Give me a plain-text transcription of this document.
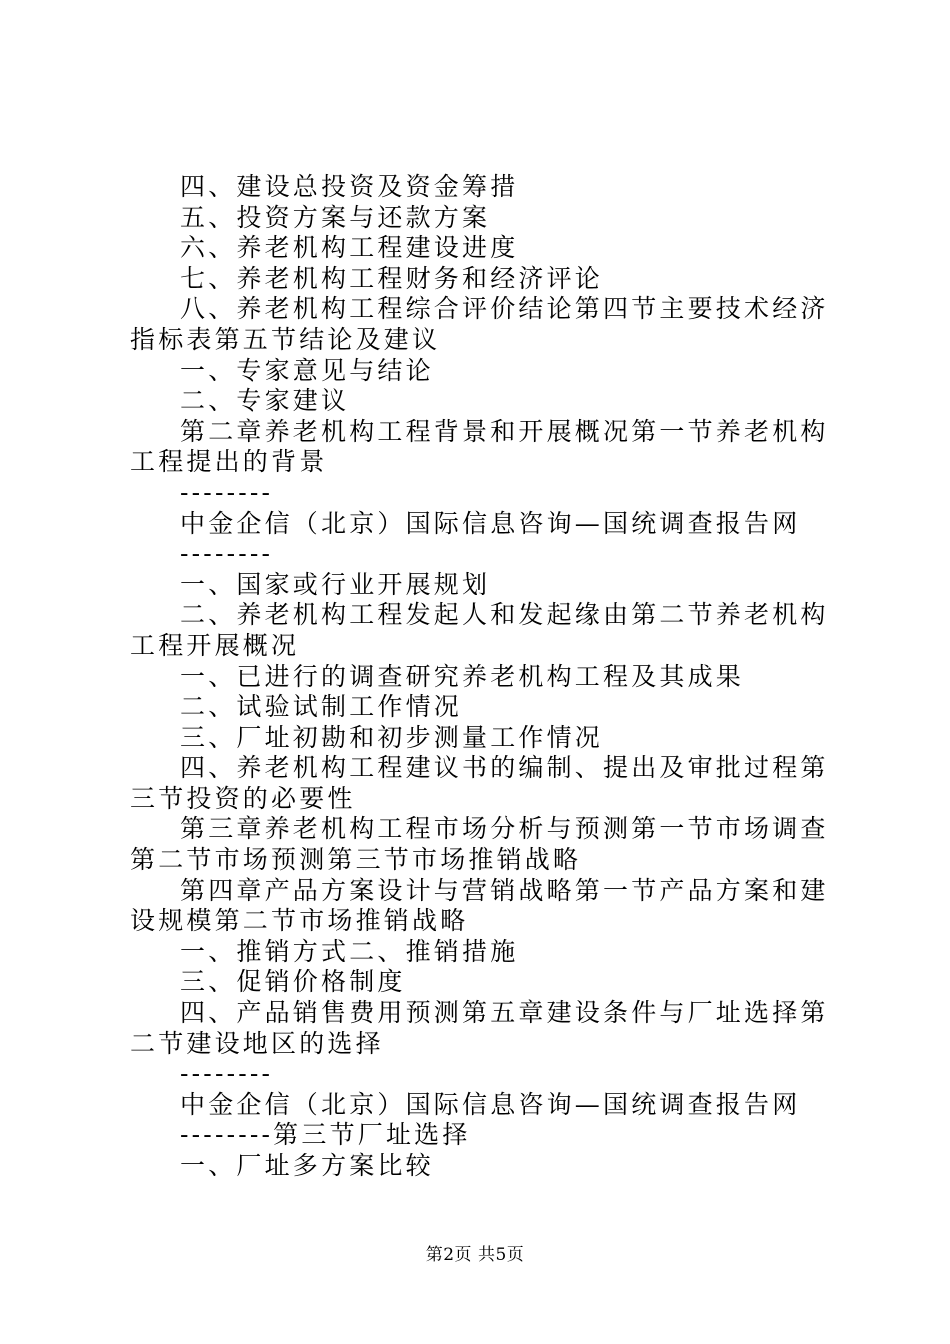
四、建设总投资及资金筹措

五、投资方案与还款方案

六、养老机构工程建设进度

七、养老机构工程财务和经济评论

八、养老机构工程综合评价结论第四节主要技术经济指标表第五节结论及建议

一、专家意见与结论

二、专家建议

第二章养老机构工程背景和开展概况第一节养老机构工程提出的背景

--------

中金企信（北京）国际信息咨询—国统调查报告网

--------

一、国家或行业开展规划

二、养老机构工程发起人和发起缘由第二节养老机构工程开展概况

一、已进行的调查研究养老机构工程及其成果

二、试验试制工作情况

三、厂址初勘和初步测量工作情况

四、养老机构工程建议书的编制、提出及审批过程第三节投资的必要性

第三章养老机构工程市场分析与预测第一节市场调查第二节市场预测第三节市场推销战略

第四章产品方案设计与营销战略第一节产品方案和建设规模第二节市场推销战略

一、推销方式二、推销措施

三、促销价格制度

四、产品销售费用预测第五章建设条件与厂址选择第二节建设地区的选择

--------

中金企信（北京）国际信息咨询—国统调查报告网

--------第三节厂址选择

一、厂址多方案比较

第2页 共5页
